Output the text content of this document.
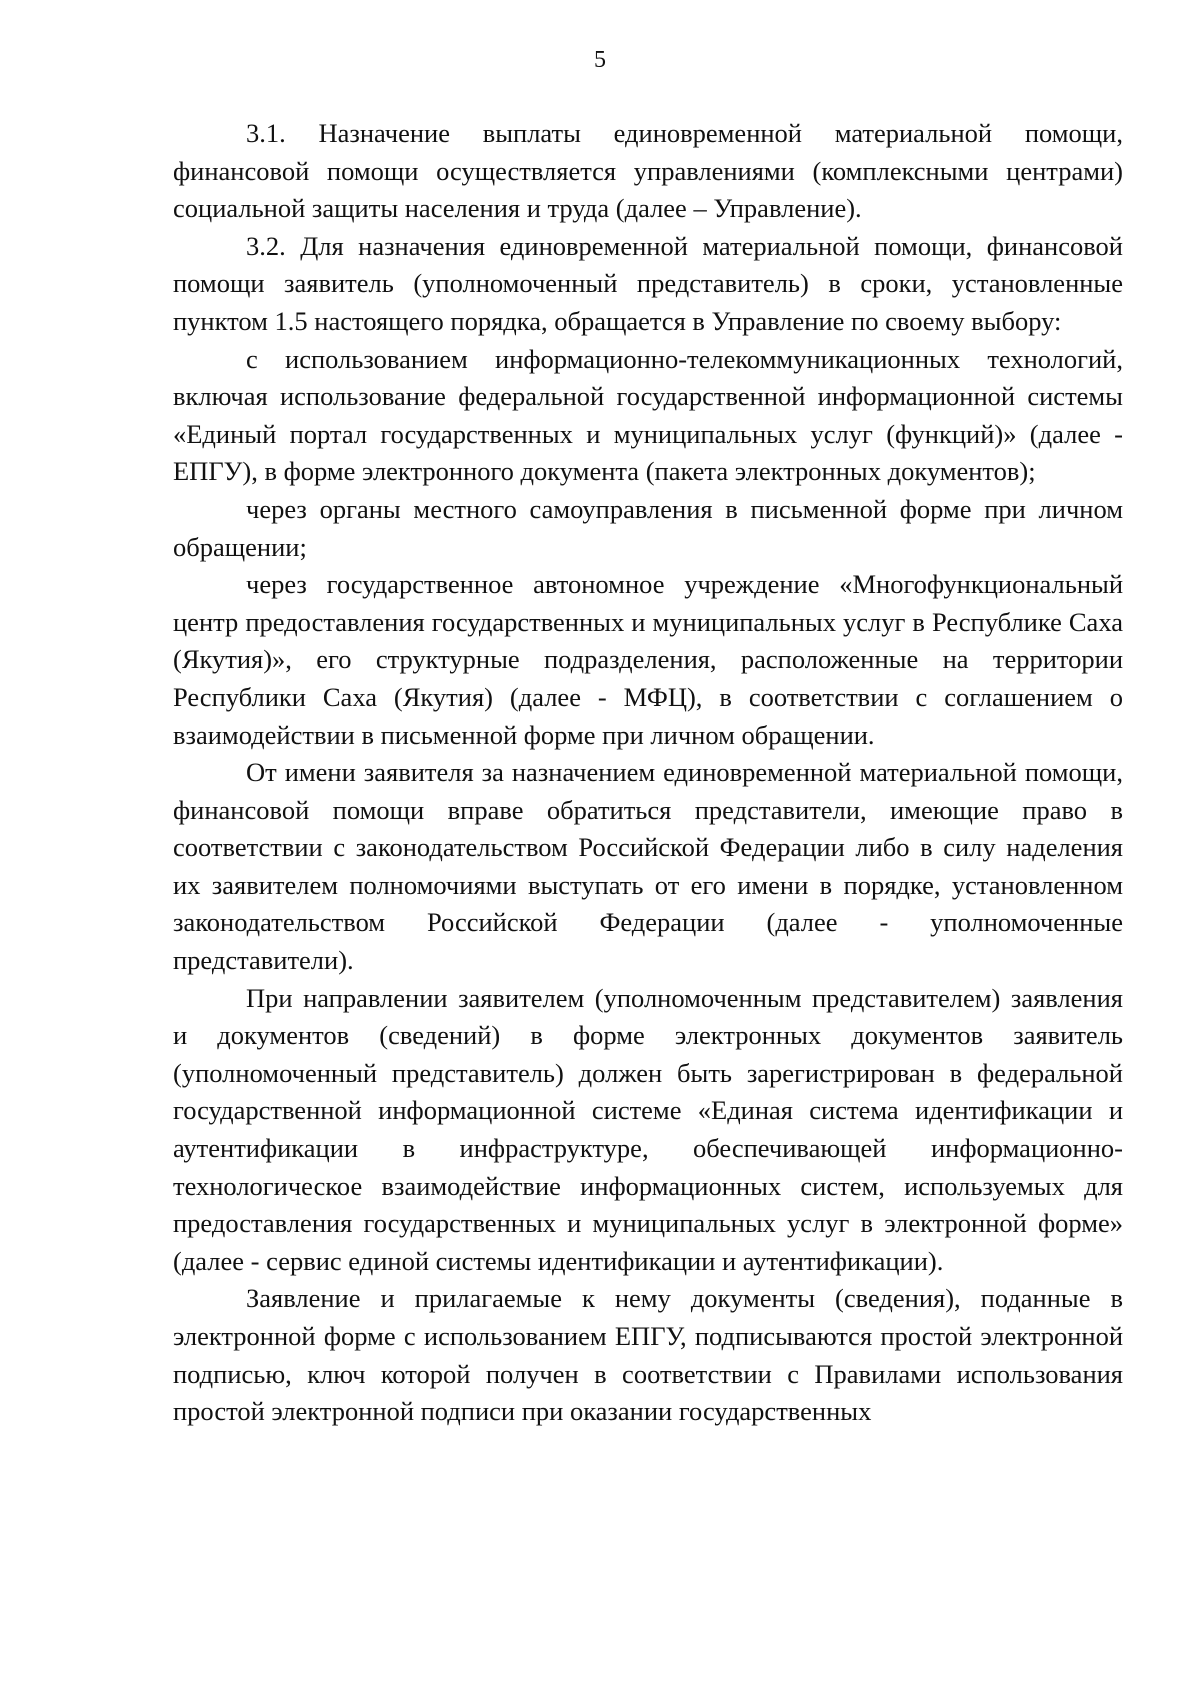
5

3.1. Назначение выплаты единовременной материальной помощи, финансовой помощи осуществляется управлениями (комплексными центрами) социальной защиты населения и труда (далее – Управление).

3.2. Для назначения единовременной материальной помощи, финансовой помощи заявитель (уполномоченный представитель) в сроки, установленные пунктом 1.5 настоящего порядка, обращается в Управление по своему выбору:

с использованием информационно-телекоммуникационных технологий, включая использование федеральной государственной информационной системы «Единый портал государственных и муниципальных услуг (функций)» (далее - ЕПГУ), в форме электронного документа (пакета электронных документов);

через органы местного самоуправления в письменной форме при личном обращении;

через государственное автономное учреждение «Многофункциональный центр предоставления государственных и муниципальных услуг в Республике Саха (Якутия)», его структурные подразделения, расположенные на территории Республики Саха (Якутия) (далее - МФЦ), в соответствии с соглашением о взаимодействии в письменной форме при личном обращении.

От имени заявителя за назначением единовременной материальной помощи, финансовой помощи вправе обратиться представители, имеющие право в соответствии с законодательством Российской Федерации либо в силу наделения их заявителем полномочиями выступать от его имени в порядке, установленном законодательством Российской Федерации (далее - уполномоченные представители).

При направлении заявителем (уполномоченным представителем) заявления и документов (сведений) в форме электронных документов заявитель (уполномоченный представитель) должен быть зарегистрирован в федеральной государственной информационной системе «Единая система идентификации и аутентификации в инфраструктуре, обеспечивающей информационно-технологическое взаимодействие информационных систем, используемых для предоставления государственных и муниципальных услуг в электронной форме» (далее - сервис единой системы идентификации и аутентификации).

Заявление и прилагаемые к нему документы (сведения), поданные в электронной форме с использованием ЕПГУ, подписываются простой электронной подписью, ключ которой получен в соответствии с Правилами использования простой электронной подписи при оказании государственных
